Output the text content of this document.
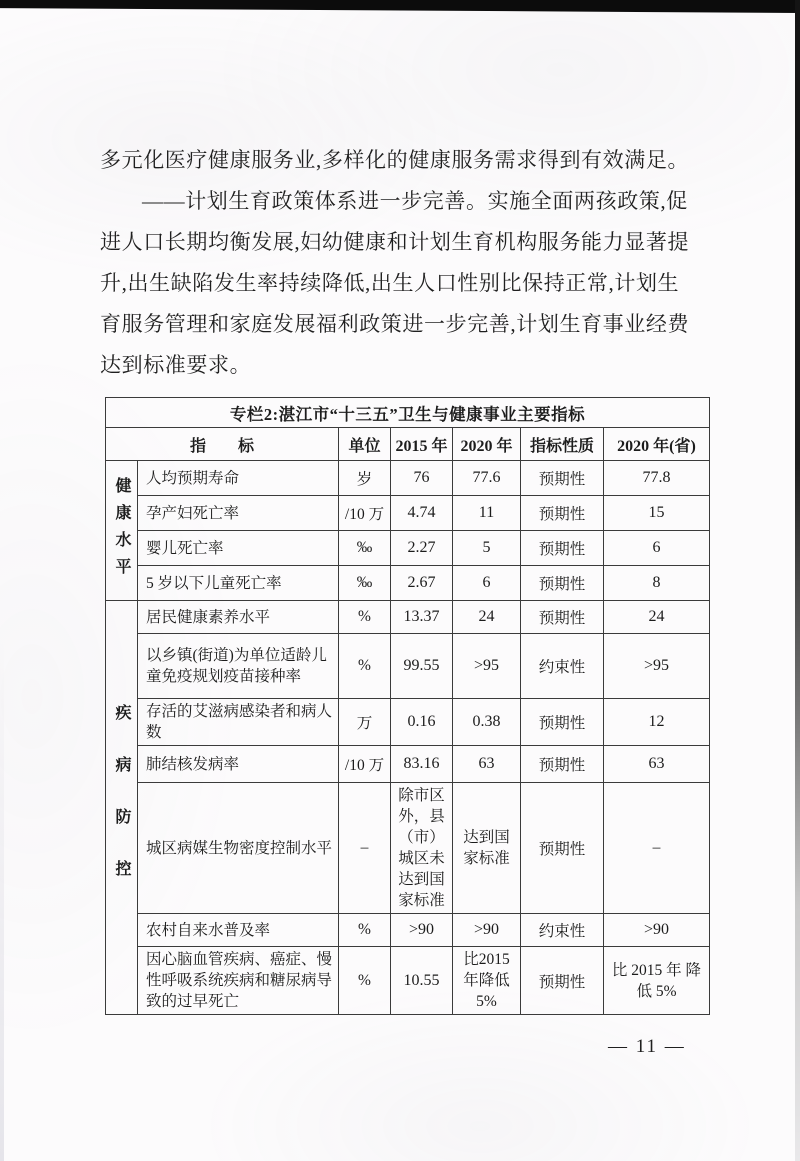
多元化医疗健康服务业,多样化的健康服务需求得到有效满足。
——计划生育政策体系进一步完善。实施全面两孩政策,促
进人口长期均衡发展,妇幼健康和计划生育机构服务能力显著提
升,出生缺陷发生率持续降低,出生人口性别比保持正常,计划生
育服务管理和家庭发展福利政策进一步完善,计划生育事业经费
达到标准要求。
专栏2:湛江市“十三五”卫生与健康事业主要指标						
指　　标		单位	2015 年	2020 年	指标性质	2020 年(省)

健康水平	人均预期寿命	岁	76	77.6	预期性	77.8
	孕产妇死亡率	/10 万	4.74	11	预期性	15
	婴儿死亡率	‰	2.27	5	预期性	6
	5 岁以下儿童死亡率	‰	2.67	6	预期性	8

疾病防控	居民健康素养水平	%	13.37	24	预期性	24
	以乡镇(街道)为单位适龄儿童免疫规划疫苗接种率	%	99.55	>95	约束性	>95
	存活的艾滋病感染者和病人数	万	0.16	0.38	预期性	12
	肺结核发病率	/10 万	83.16	63	预期性	63
	城区病媒生物密度控制水平	–	除市区外，县（市）城区未达到国家标准	达到国家标准	预期性	–
	农村自来水普及率	%	>90	>90	约束性	>90
	因心脑血管疾病、癌症、慢性呼吸系统疾病和糖尿病导致的过早死亡	%	10.55	比2015 年降低 5%	预期性	比 2015 年 降低 5%
— 11 —
